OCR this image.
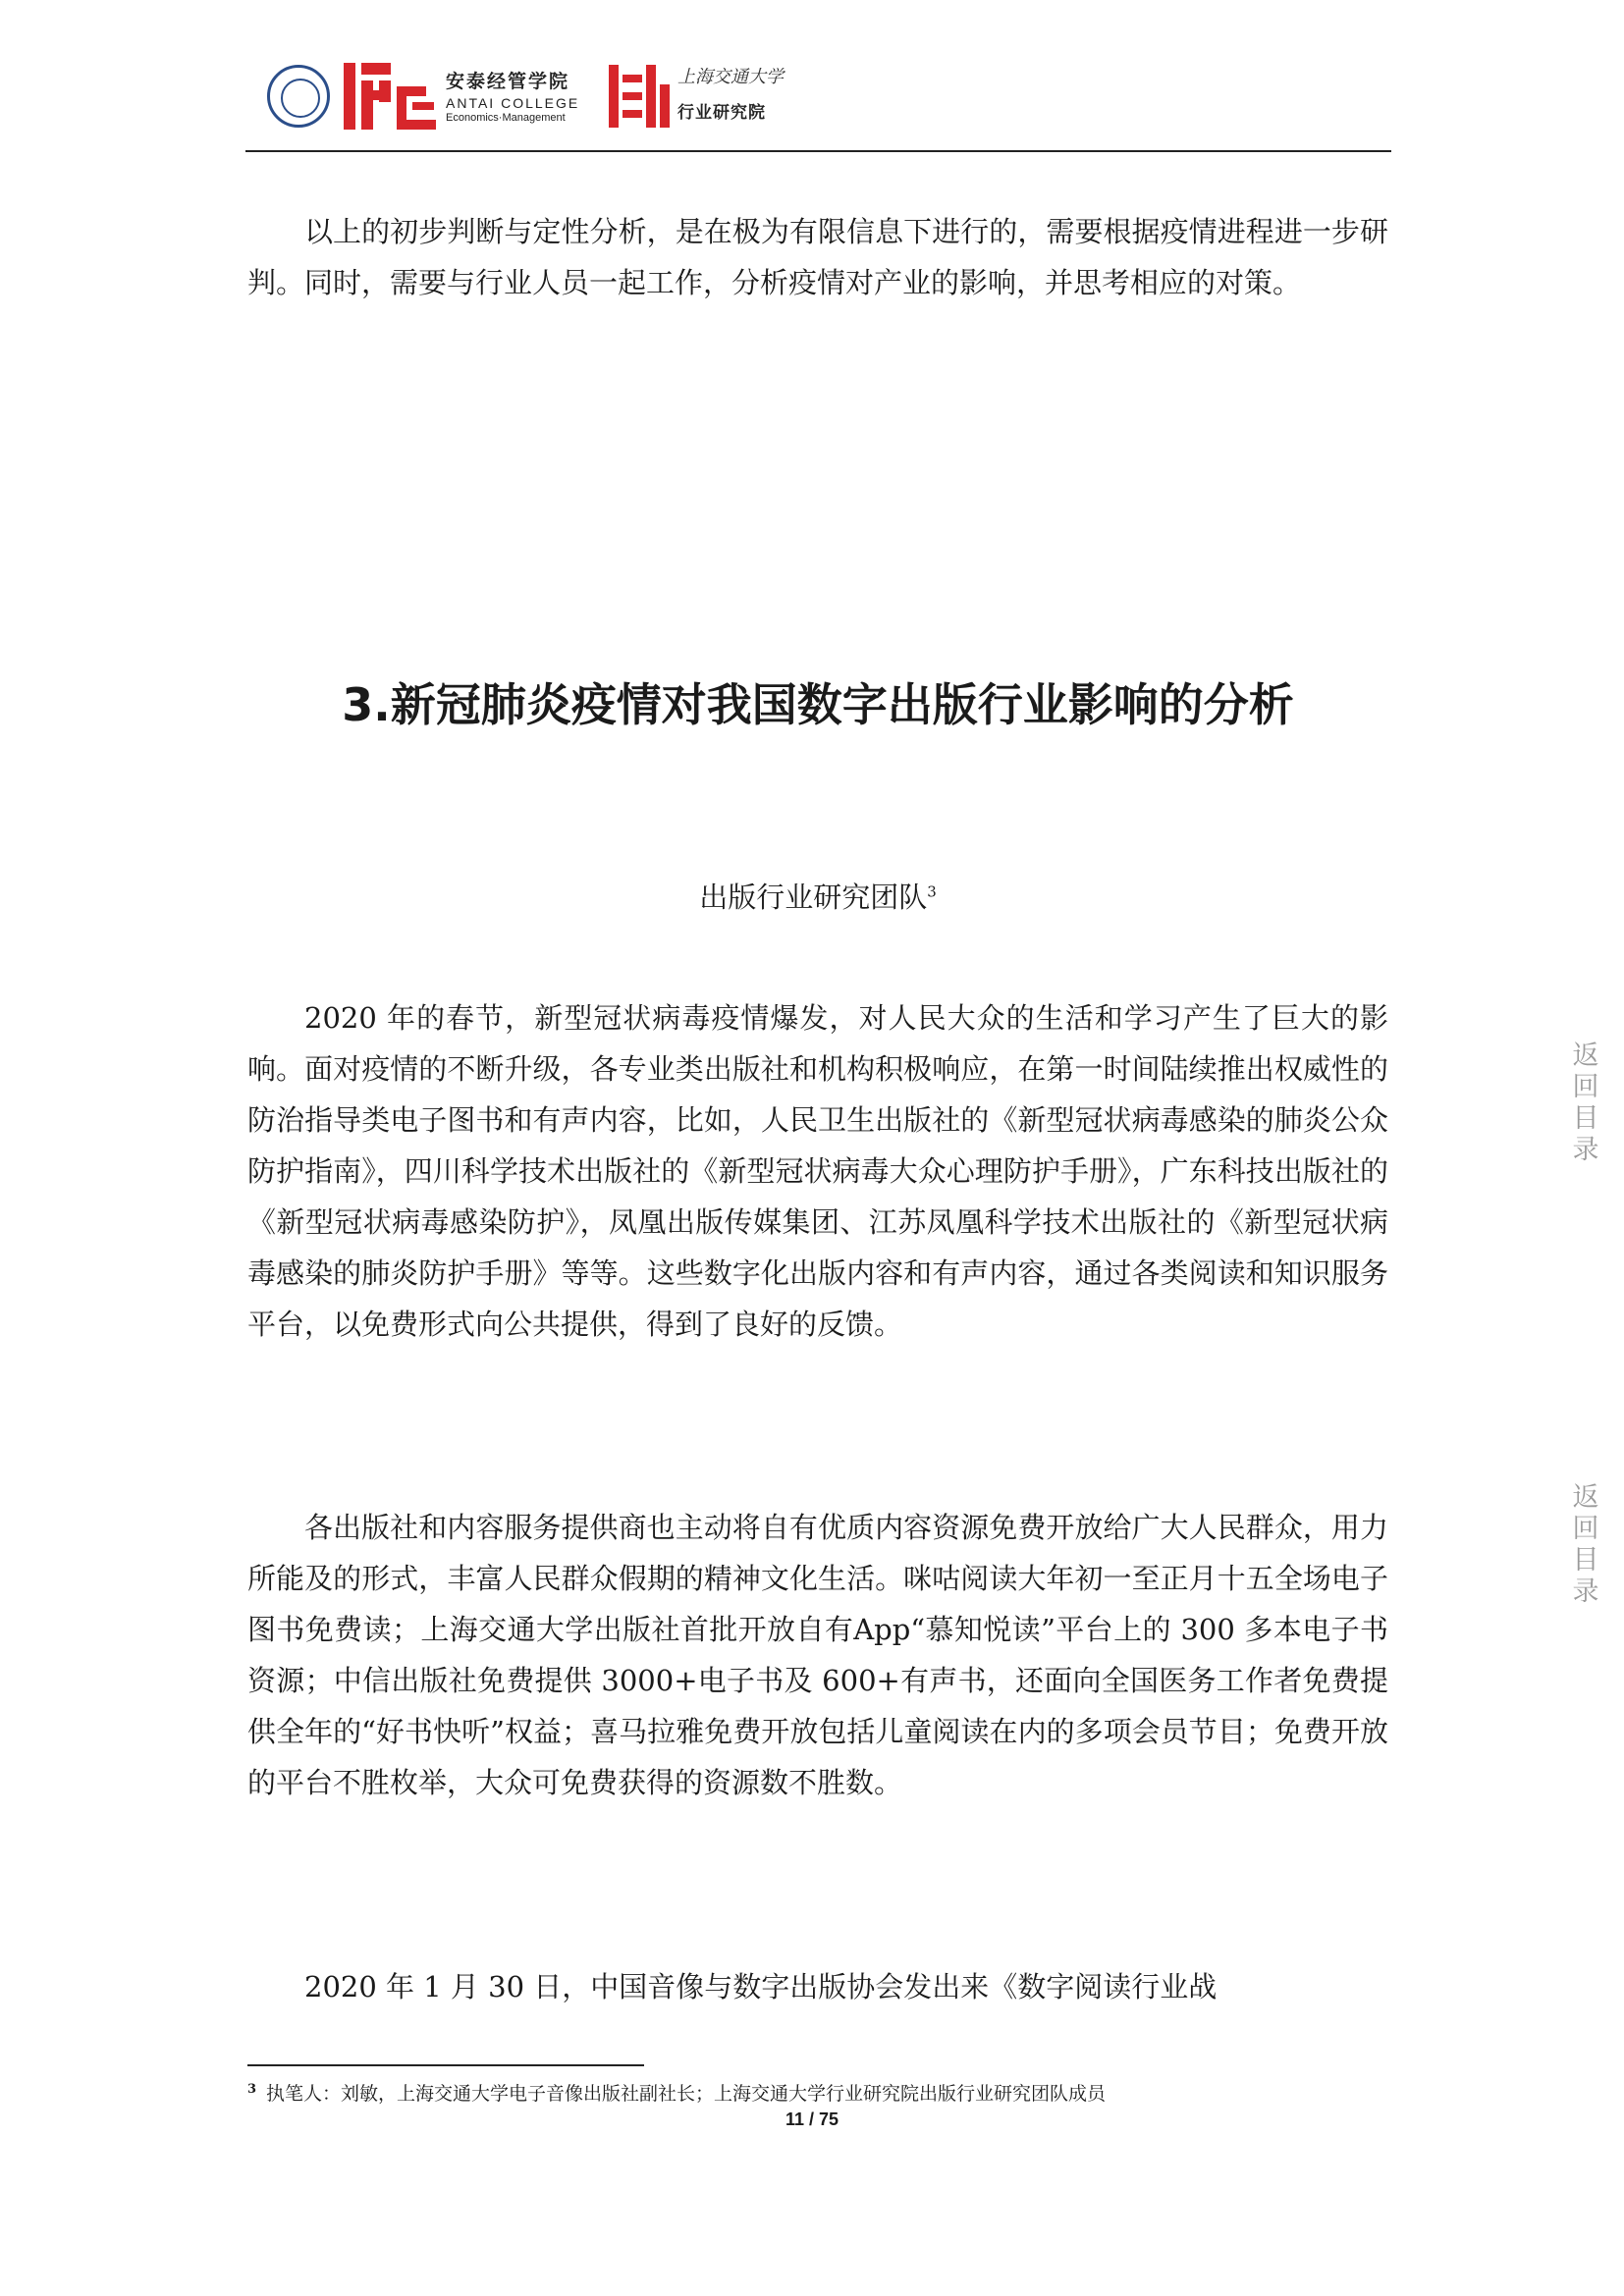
安泰经管学院
ANTAI COLLEGE
Economics·Management
上海交通大学
行业研究院

以上的初步判断与定性分析，是在极为有限信息下进行的，需要根据疫情进程进一步研判。同时，需要与行业人员一起工作，分析疫情对产业的影响，并思考相应的对策。

3.新冠肺炎疫情对我国数字出版行业影响的分析
出版行业研究团队$^3$

2020 年的春节，新型冠状病毒疫情爆发，对人民大众的生活和学习产生了巨大的影响。面对疫情的不断升级，各专业类出版社和机构积极响应，在第一时间陆续推出权威性的防治指导类电子图书和有声内容，比如，人民卫生出版社的《新型冠状病毒感染的肺炎公众防护指南》，四川科学技术出版社的《新型冠状病毒大众心理防护手册》，广东科技出版社的《新型冠状病毒感染防护》，凤凰出版传媒集团、江苏凤凰科学技术出版社的《新型冠状病毒感染的肺炎防护手册》等等。这些数字化出版内容和有声内容，通过各类阅读和知识服务平台，以免费形式向公共提供，得到了良好的反馈。

各出版社和内容服务提供商也主动将自有优质内容资源免费开放给广大人民群众，用力所能及的形式，丰富人民群众假期的精神文化生活。咪咕阅读大年初一至正月十五全场电子图书免费读；上海交通大学出版社首批开放自有App“慕知悦读”平台上的 300 多本电子书资源；中信出版社免费提供 3000+电子书及 600+有声书，还面向全国医务工作者免费提供全年的“好书快听”权益；喜马拉雅免费开放包括儿童阅读在内的多项会员节目；免费开放的平台不胜枚举，大众可免费获得的资源数不胜数。

2020 年 1 月 30 日，中国音像与数字出版协会发出来《数字阅读行业战

返
回
目
录
返
回
目
录
$^3$ 执笔人：刘敏，上海交通大学电子音像出版社副社长；上海交通大学行业研究院出版行业研究团队成员
11 / 75
